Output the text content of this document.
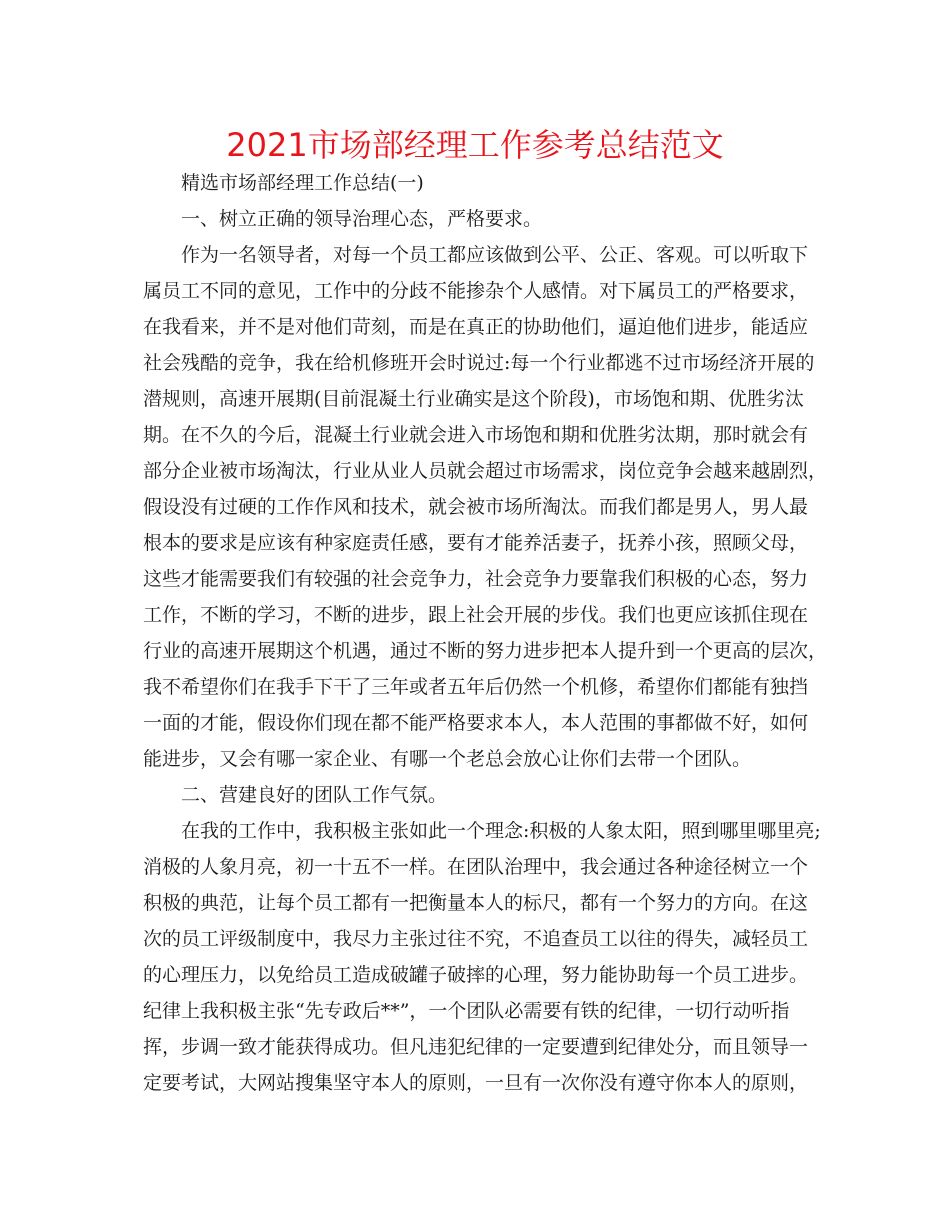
2021市场部经理工作参考总结范文
精选市场部经理工作总结(一)
一、树立正确的领导治理心态，严格要求。
作为一名领导者，对每一个员工都应该做到公平、公正、客观。可以听取下
属员工不同的意见，工作中的分歧不能掺杂个人感情。对下属员工的严格要求，
在我看来，并不是对他们苛刻，而是在真正的协助他们，逼迫他们进步，能适应
社会残酷的竞争，我在给机修班开会时说过:每一个行业都逃不过市场经济开展的
潜规则，高速开展期(目前混凝土行业确实是这个阶段)，市场饱和期、优胜劣汰
期。在不久的今后，混凝土行业就会进入市场饱和期和优胜劣汰期，那时就会有
部分企业被市场淘汰，行业从业人员就会超过市场需求，岗位竞争会越来越剧烈，
假设没有过硬的工作作风和技术，就会被市场所淘汰。而我们都是男人，男人最
根本的要求是应该有种家庭责任感，要有才能养活妻子，抚养小孩，照顾父母，
这些才能需要我们有较强的社会竞争力，社会竞争力要靠我们积极的心态，努力
工作，不断的学习，不断的进步，跟上社会开展的步伐。我们也更应该抓住现在
行业的高速开展期这个机遇，通过不断的努力进步把本人提升到一个更高的层次，
我不希望你们在我手下干了三年或者五年后仍然一个机修，希望你们都能有独挡
一面的才能，假设你们现在都不能严格要求本人，本人范围的事都做不好，如何
能进步，又会有哪一家企业、有哪一个老总会放心让你们去带一个团队。
二、营建良好的团队工作气氛。
在我的工作中，我积极主张如此一个理念:积极的人象太阳，照到哪里哪里亮;
消极的人象月亮，初一十五不一样。在团队治理中，我会通过各种途径树立一个
积极的典范，让每个员工都有一把衡量本人的标尺，都有一个努力的方向。在这
次的员工评级制度中，我尽力主张过往不究，不追查员工以往的得失，减轻员工
的心理压力，以免给员工造成破罐子破摔的心理，努力能协助每一个员工进步。
纪律上我积极主张“先专政后**”，一个团队必需要有铁的纪律，一切行动听指
挥，步调一致才能获得成功。但凡违犯纪律的一定要遭到纪律处分，而且领导一
定要考试，大网站搜集坚守本人的原则，一旦有一次你没有遵守你本人的原则，
